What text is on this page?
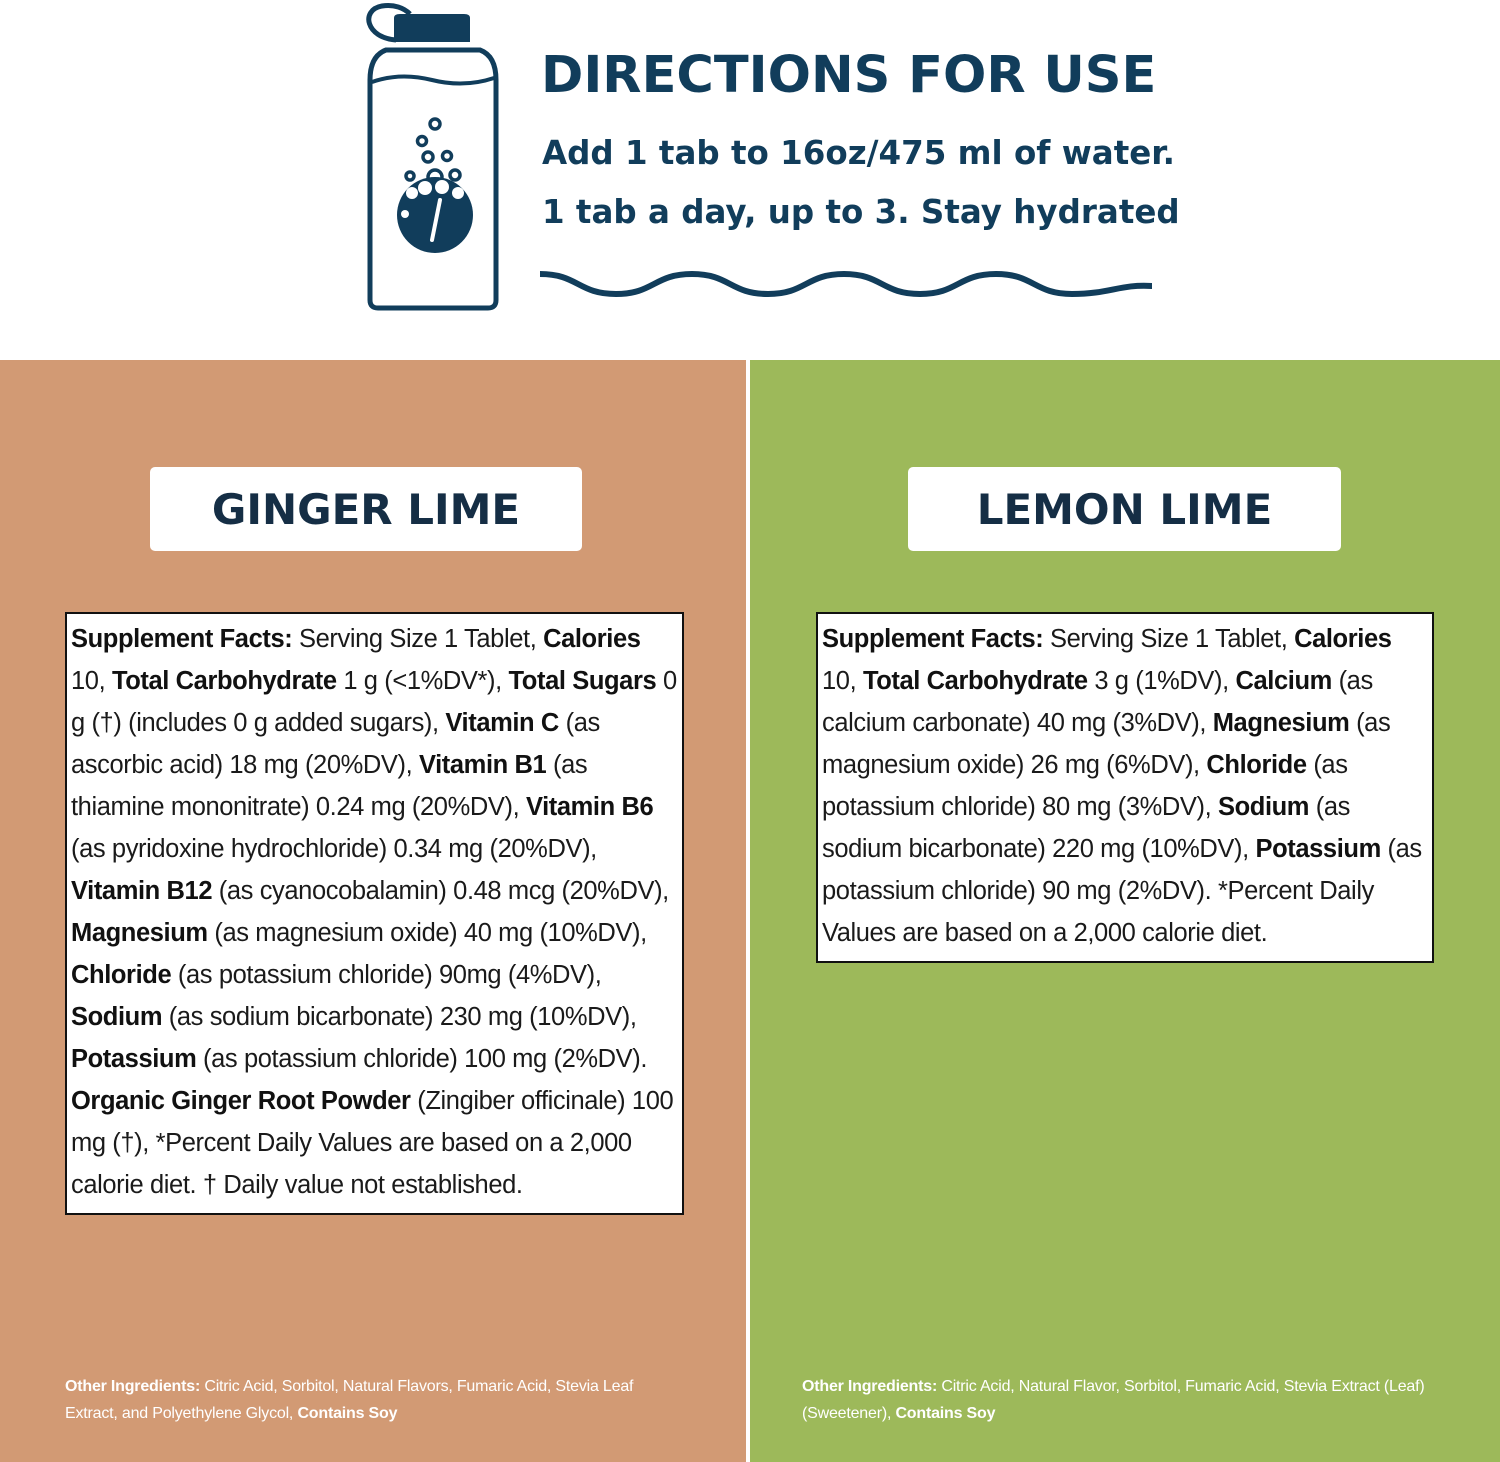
DIRECTIONS FOR USE

Add 1 tab to 16oz/475 ml of water.

1 tab a day, up to 3. Stay hydrated

GINGER LIME
Supplement Facts: Serving Size 1 Tablet, Calories 10, Total Carbohydrate 1 g (<1%DV*), Total Sugars 0 g (†) (includes 0 g added sugars), Vitamin C (as ascorbic acid) 18 mg (20%DV), Vitamin B1 (as thiamine mononitrate) 0.24 mg (20%DV), Vitamin B6 (as pyridoxine hydrochloride) 0.34 mg (20%DV), Vitamin B12 (as cyanocobalamin) 0.48 mcg (20%DV), Magnesium (as magnesium oxide) 40 mg (10%DV), Chloride (as potassium chloride) 90mg (4%DV), Sodium (as sodium bicarbonate) 230 mg (10%DV), Potassium (as potassium chloride) 100 mg (2%DV). Organic Ginger Root Powder (Zingiber officinale) 100 mg (†), *Percent Daily Values are based on a 2,000 calorie diet. † Daily value not established.
Other Ingredients: Citric Acid, Sorbitol, Natural Flavors, Fumaric Acid, Stevia Leaf Extract, and Polyethylene Glycol, Contains Soy
LEMON LIME
Supplement Facts: Serving Size 1 Tablet, Calories 10, Total Carbohydrate 3 g (1%DV), Calcium (as calcium carbonate) 40 mg (3%DV), Magnesium (as magnesium oxide) 26 mg (6%DV), Chloride (as potassium chloride) 80 mg (3%DV), Sodium (as sodium bicarbonate) 220 mg (10%DV), Potassium (as potassium chloride) 90 mg (2%DV). *Percent Daily Values are based on a 2,000 calorie diet.
Other Ingredients: Citric Acid, Natural Flavor, Sorbitol, Fumaric Acid, Stevia Extract (Leaf) (Sweetener), Contains Soy
